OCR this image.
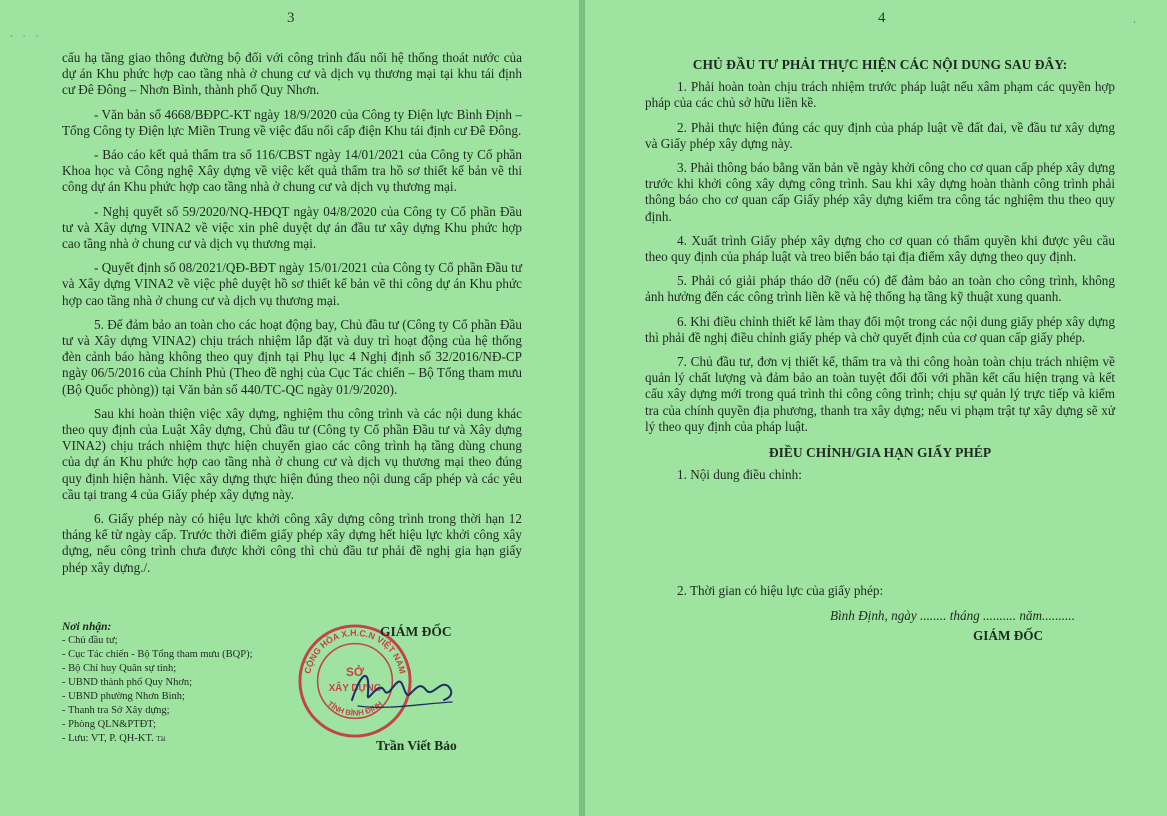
3
⋅ ⋅ ⋅

cấu hạ tầng giao thông đường bộ đối với công trình đấu nối hệ thống thoát nước của dự án Khu phức hợp cao tầng nhà ở chung cư và dịch vụ thương mại tại khu tái định cư Đê Đông – Nhơn Bình, thành phố Quy Nhơn.

- Văn bản số 4668/BĐPC-KT ngày 18/9/2020 của Công ty Điện lực Bình Định – Tổng Công ty Điện lực Miền Trung về việc đấu nối cấp điện Khu tái định cư Đê Đông.

- Báo cáo kết quả thẩm tra số 116/CBST ngày 14/01/2021 của Công ty Cổ phần Khoa học và Công nghệ Xây dựng về việc kết quả thẩm tra hồ sơ thiết kế bản vẽ thi công dự án Khu phức hợp cao tầng nhà ở chung cư và dịch vụ thương mại.

- Nghị quyết số 59/2020/NQ-HĐQT ngày 04/8/2020 của Công ty Cổ phần Đầu tư và Xây dựng VINA2 về việc xin phê duyệt dự án đầu tư xây dựng Khu phức hợp cao tầng nhà ở chung cư và dịch vụ thương mại.

- Quyết định số 08/2021/QĐ-BĐT ngày 15/01/2021 của Công ty Cổ phần Đầu tư và Xây dựng VINA2 về việc phê duyệt hồ sơ thiết kế bản vẽ thi công dự án Khu phức hợp cao tầng nhà ở chung cư và dịch vụ thương mại.

5. Để đảm bảo an toàn cho các hoạt động bay, Chủ đầu tư (Công ty Cổ phần Đầu tư và Xây dựng VINA2) chịu trách nhiệm lắp đặt và duy trì hoạt động của hệ thống đèn cảnh báo hàng không theo quy định tại Phụ lục 4 Nghị định số 32/2016/NĐ-CP ngày 06/5/2016 của Chính Phủ (Theo đề nghị của Cục Tác chiến – Bộ Tổng tham mưu (Bộ Quốc phòng)) tại Văn bản số 440/TC-QC ngày 01/9/2020).

Sau khi hoàn thiện việc xây dựng, nghiệm thu công trình và các nội dung khác theo quy định của Luật Xây dựng, Chủ đầu tư (Công ty Cổ phần Đầu tư và Xây dựng VINA2) chịu trách nhiệm thực hiện chuyển giao các công trình hạ tầng dùng chung của dự án Khu phức hợp cao tầng nhà ở chung cư và dịch vụ thương mại theo đúng quy định hiện hành. Việc xây dựng thực hiện đúng theo nội dung cấp phép và các yêu cầu tại trang 4 của Giấy phép xây dựng này.

6. Giấy phép này có hiệu lực khởi công xây dựng công trình trong thời hạn 12 tháng kể từ ngày cấp. Trước thời điểm giấy phép xây dựng hết hiệu lực khởi công xây dựng, nếu công trình chưa được khởi công thì chủ đầu tư phải đề nghị gia hạn giấy phép xây dựng./.

Nơi nhận:
- Chủ đầu tư;
- Cục Tác chiến - Bộ Tổng tham mưu (BQP);
- Bộ Chỉ huy Quân sự tỉnh;
- UBND thành phố Quy Nhơn;
- UBND phường Nhơn Bình;
- Thanh tra Sở Xây dựng;
- Phòng QLN&PTĐT;
- Lưu: VT, P. QH-KT. Tài
CỘNG HÒA X.H.C.N VIỆT NAM
TỈNH BÌNH ĐỊNH
SỞ
XÂY DỰNG
GIÁM ĐỐC
Trần Viết Bảo
4	⋅

CHỦ ĐẦU TƯ PHẢI THỰC HIỆN CÁC NỘI DUNG SAU ĐÂY:

1. Phải hoàn toàn chịu trách nhiệm trước pháp luật nếu xâm phạm các quyền hợp pháp của các chủ sở hữu liền kề.

2. Phải thực hiện đúng các quy định của pháp luật về đất đai, về đầu tư xây dựng và Giấy phép xây dựng này.

3. Phải thông báo bằng văn bản về ngày khởi công cho cơ quan cấp phép xây dựng trước khi khởi công xây dựng công trình. Sau khi xây dựng hoàn thành công trình phải thông báo cho cơ quan cấp Giấy phép xây dựng kiểm tra công tác nghiệm thu theo quy định.

4. Xuất trình Giấy phép xây dựng cho cơ quan có thẩm quyền khi được yêu cầu theo quy định của pháp luật và treo biển báo tại địa điểm xây dựng theo quy định.

5. Phải có giải pháp tháo dỡ (nếu có) để đảm bảo an toàn cho công trình, không ảnh hưởng đến các công trình liền kề và hệ thống hạ tầng kỹ thuật xung quanh.

6. Khi điều chỉnh thiết kế làm thay đổi một trong các nội dung giấy phép xây dựng thì phải đề nghị điều chỉnh giấy phép và chờ quyết định của cơ quan cấp giấy phép.

7. Chủ đầu tư, đơn vị thiết kế, thẩm tra và thi công hoàn toàn chịu trách nhiệm về quản lý chất lượng và đảm bảo an toàn tuyệt đối đối với phần kết cấu hiện trạng và kết cấu xây dựng mới trong quá trình thi công công trình; chịu sự quản lý trực tiếp và kiểm tra của chính quyền địa phương, thanh tra xây dựng; nếu vi phạm trật tự xây dựng sẽ xử lý theo quy định của pháp luật.

ĐIỀU CHỈNH/GIA HẠN GIẤY PHÉP

1. Nội dung điều chỉnh:

2. Thời gian có hiệu lực của giấy phép:

Bình Định, ngày ........ tháng .......... năm..........

GIÁM ĐỐC
